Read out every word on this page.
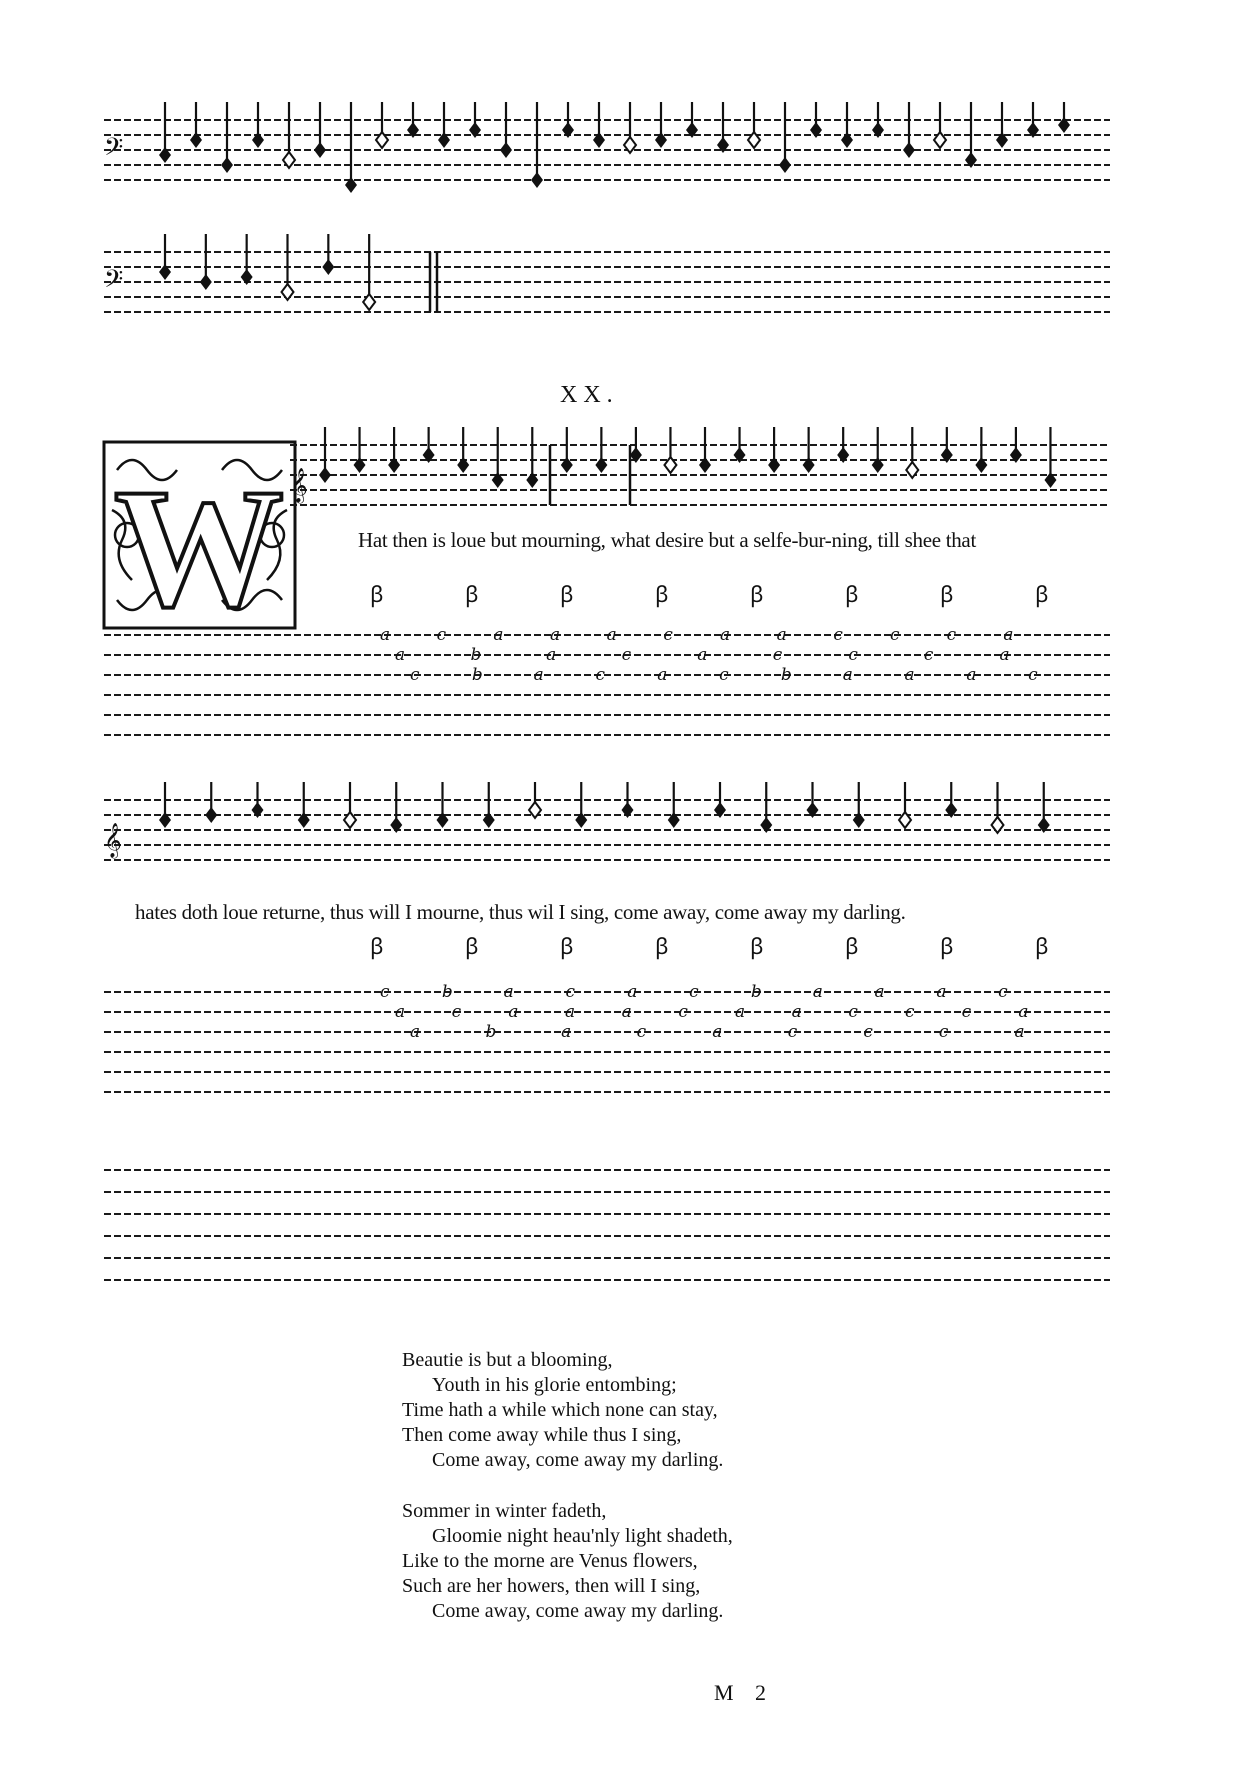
𝄢
𝄢
XX.
W 𝄞
Hat then is loue but mourning, what desire but a selfe-bur-ning, till shee that
a	c	a	a	a	c	a	a	c	c	c	a
a	b	a	c	a	c	c	c	a
c	b	a	c	a	c	b	a	a	a	c
ꞵ	ꞵ	ꞵ	ꞵ	ꞵ	ꞵ	ꞵ	ꞵ
𝄞
hates doth loue returne, thus will I mourne, thus wil I sing, come away, come away my darling.
c	b	a	c	a	c	b	a	a	a	c
a	c	a	a	a	c	a	a	c	c	c	a
a	b	a	c	a	c	c	c	a
ꞵ	ꞵ	ꞵ	ꞵ	ꞵ	ꞵ	ꞵ	ꞵ
Beautie is but a blooming,
Youth in his glorie entombing;
Time hath a while which none can stay,
Then come away while thus I sing,
Come away, come away my darling.
Sommer in winter fadeth,
Gloomie night heau'nly light shadeth,
Like to the morne are Venus flowers,
Such are her howers, then will I sing,
Come away, come away my darling.
M 2
